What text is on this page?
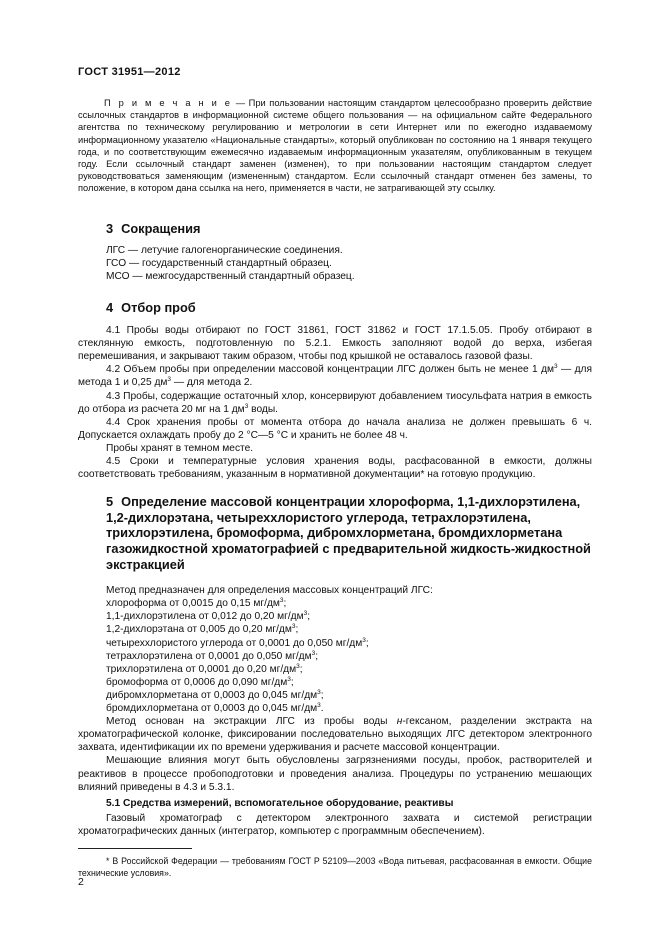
ГОСТ 31951—2012

П р и м е ч а н и е — При пользовании настоящим стандартом целесообразно проверить действие ссылочных стандартов в информационной системе общего пользования — на официальном сайте Федерального агентства по техническому регулированию и метрологии в сети Интернет или по ежегодно издаваемому информационному указателю «Национальные стандарты», который опубликован по состоянию на 1 января текущего года, и по соответствующим ежемесячно издаваемым информационным указателям, опубликованным в текущем году. Если ссылочный стандарт заменен (изменен), то при пользовании настоящим стандартом следует руководствоваться заменяющим (измененным) стандартом. Если ссылочный стандарт отменен без замены, то положение, в котором дана ссылка на него, применяется в части, не затрагивающей эту ссылку.

3 Сокращения

ЛГС — летучие галогенорганические соединения.

ГСО — государственный стандартный образец.

МСО — межгосударственный стандартный образец.

4 Отбор проб

4.1 Пробы воды отбирают по ГОСТ 31861, ГОСТ 31862 и ГОСТ 17.1.5.05. Пробу отбирают в стеклянную емкость, подготовленную по 5.2.1. Емкость заполняют водой до верха, избегая перемешивания, и закрывают таким образом, чтобы под крышкой не оставалось газовой фазы.

4.2 Объем пробы при определении массовой концентрации ЛГС должен быть не менее 1 $дм^3$ — для метода 1 и 0,25 $дм^3$ — для метода 2.

4.3 Пробы, содержащие остаточный хлор, консервируют добавлением тиосульфата натрия в емкость до отбора из расчета 20 мг на 1 $дм^3$ воды.

4.4 Срок хранения пробы от момента отбора до начала анализа не должен превышать 6 ч. Допускается охлаждать пробу до 2 °С—5 °С и хранить не более 48 ч.

Пробы хранят в темном месте.

4.5 Сроки и температурные условия хранения воды, расфасованной в емкости, должны соответствовать требованиям, указанным в нормативной документации* на готовую продукцию.

5 Определение массовой концентрации хлороформа, 1,1-дихлорэтилена,
1,2-дихлорэтана, четыреххлористого углерода, тетрахлорэтилена,
трихлорэтилена, бромоформа, дибромхлорметана, бромдихлорметана
газожидкостной хроматографией с предварительной жидкость-жидкостной
экстракцией

Метод предназначен для определения массовых концентраций ЛГС:

хлороформа от 0,0015 до 0,15 $мг/дм^3$;

1,1-дихлорэтилена от 0,012 до 0,20 $мг/дм^3$;

1,2-дихлорэтана от 0,005 до 0,20 $мг/дм^3$;

четыреххлористого углерода от 0,0001 до 0,050 $мг/дм^3$;

тетрахлорэтилена от 0,0001 до 0,050 $мг/дм^3$;

трихлорэтилена от 0,0001 до 0,20 $мг/дм^3$;

бромоформа от 0,0006 до 0,090 $мг/дм^3$;

дибромхлорметана от 0,0003 до 0,045 $мг/дм^3$;

бромдихлорметана от 0,0003 до 0,045 $мг/дм^3$.

Метод основан на экстракции ЛГС из пробы воды н-гексаном, разделении экстракта на хроматографической колонке, фиксировании последовательно выходящих ЛГС детектором электронного захвата, идентификации их по времени удерживания и расчете массовой концентрации.

Мешающие влияния могут быть обусловлены загрязнениями посуды, пробок, растворителей и реактивов в процессе пробоподготовки и проведения анализа. Процедуры по устранению мешающих влияний приведены в 4.3 и 5.3.1.

5.1 Средства измерений, вспомогательное оборудование, реактивы

Газовый хроматограф с детектором электронного захвата и системой регистрации хроматографических данных (интегратор, компьютер с программным обеспечением).

* В Российской Федерации — требованиям ГОСТ Р 52109—2003 «Вода питьевая, расфасованная в емкости. Общие технические условия».

2
